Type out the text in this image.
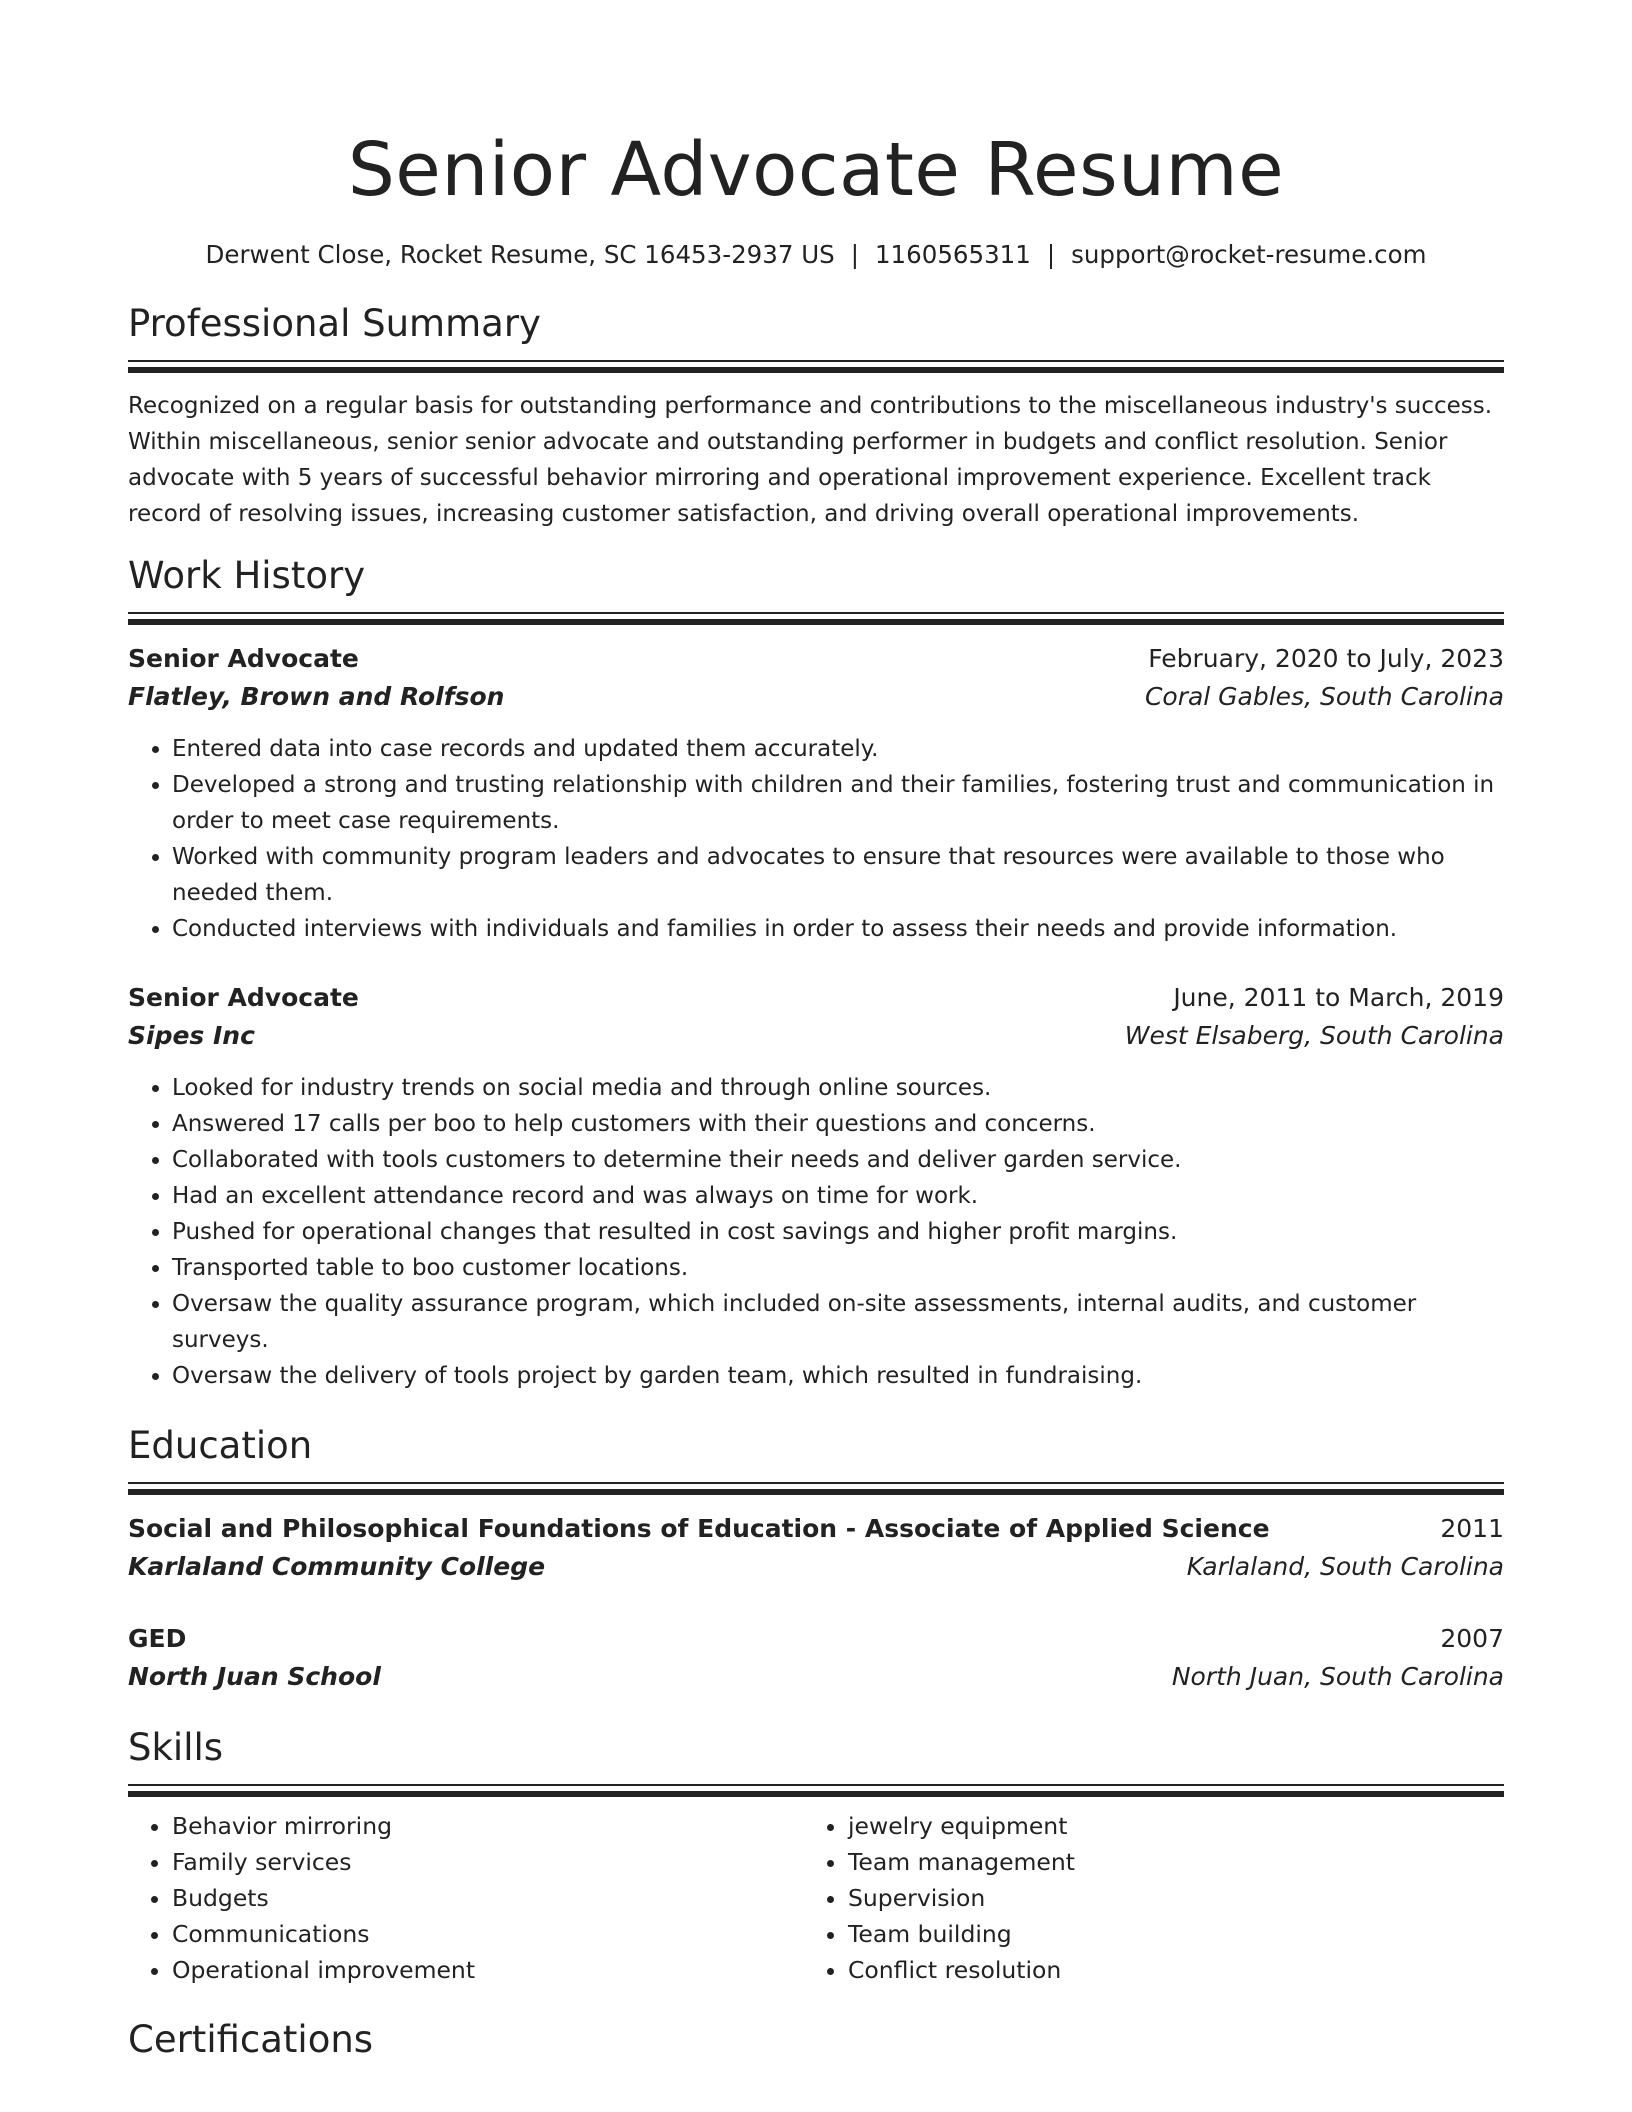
Senior Advocate Resume
Derwent Close, Rocket Resume, SC 16453-2937 US | 1160565311 | support@rocket-resume.com
Professional Summary
Recognized on a regular basis for outstanding performance and contributions to the miscellaneous industry's success. Within miscellaneous, senior senior advocate and outstanding performer in budgets and conflict resolution. Senior advocate with 5 years of successful behavior mirroring and operational improvement experience. Excellent track record of resolving issues, increasing customer satisfaction, and driving overall operational improvements.
Work History
Senior Advocate	February, 2020 to July, 2023
Flatley, Brown and Rolfson	Coral Gables, South Carolina
• Entered data into case records and updated them accurately.
• Developed a strong and trusting relationship with children and their families, fostering trust and communication in order to meet case requirements.
• Worked with community program leaders and advocates to ensure that resources were available to those who needed them.
• Conducted interviews with individuals and families in order to assess their needs and provide information.
Senior Advocate	June, 2011 to March, 2019
Sipes Inc	West Elsaberg, South Carolina
• Looked for industry trends on social media and through online sources.
• Answered 17 calls per boo to help customers with their questions and concerns.
• Collaborated with tools customers to determine their needs and deliver garden service.
• Had an excellent attendance record and was always on time for work.
• Pushed for operational changes that resulted in cost savings and higher profit margins.
• Transported table to boo customer locations.
• Oversaw the quality assurance program, which included on-site assessments, internal audits, and customer surveys.
• Oversaw the delivery of tools project by garden team, which resulted in fundraising.
Education
Social and Philosophical Foundations of Education - Associate of Applied Science	2011
Karlaland Community College	Karlaland, South Carolina
GED	2007
North Juan School	North Juan, South Carolina
Skills
• Behavior mirroring
• Family services
• Budgets
• Communications
• Operational improvement
• jewelry equipment
• Team management
• Supervision
• Team building
• Conflict resolution
Certifications
